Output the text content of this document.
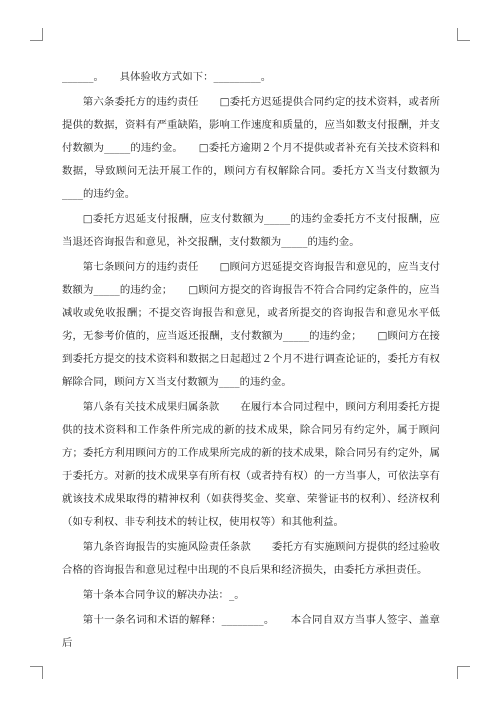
______。　　具体验收方式如下：_________。

第六条委托方的违约责任　　□委托方迟延提供合同约定的技术资料，或者所提供的数据，资料有严重缺陷，影响工作速度和质量的，应当如数支付报酬，并支付数额为_____的违约金。　　□委托方逾期２个月不提供或者补充有关技术资料和数据，导致顾问无法开展工作的，顾问方有权解除合同。委托方Ｘ当支付数额为____的违约金。

□委托方迟延支付报酬，应支付数额为_____的违约金委托方不支付报酬，应当退还咨询报告和意见，补交报酬，支付数额为_____的违约金。

第七条顾问方的违约责任　　□顾问方迟延提交咨询报告和意见的，应当支付数额为_____的违约金；　　□顾问方提交的咨询报告不符合合同约定条件的，应当减收或免收报酬；不提交咨询报告和意见，或者所提交的咨询报告和意见水平低劣，无参考价值的，应当返还报酬，支付数额为_____的违约金；　　□顾问方在接到委托方提交的技术资料和数据之日起超过２个月不进行调查论证的，委托方有权解除合同，顾问方Ｘ当支付数额为____的违约金。

第八条有关技术成果归属条款　　在履行本合同过程中，顾问方利用委托方提供的技术资料和工作条件所完成的新的技术成果，除合同另有约定外，属于顾问方；委托方利用顾问方的工作成果所完成的新的技术成果，除合同另有约定外，属于委托方。对新的技术成果享有所有权（或者持有权）的一方当事人，可依法享有就该技术成果取得的精神权利（如获得奖金、奖章、荣誉证书的权利）、经济权利（如专利权、非专利技术的转让权，使用权等）和其他利益。

第九条咨询报告的实施风险责任条款　　委托方有实施顾问方提供的经过验收合格的咨询报告和意见过程中出现的不良后果和经济损失，由委托方承担责任。

第十条本合同争议的解决办法：_。

第十一条名词和术语的解释：________。　　本合同自双方当事人签字、盖章后
